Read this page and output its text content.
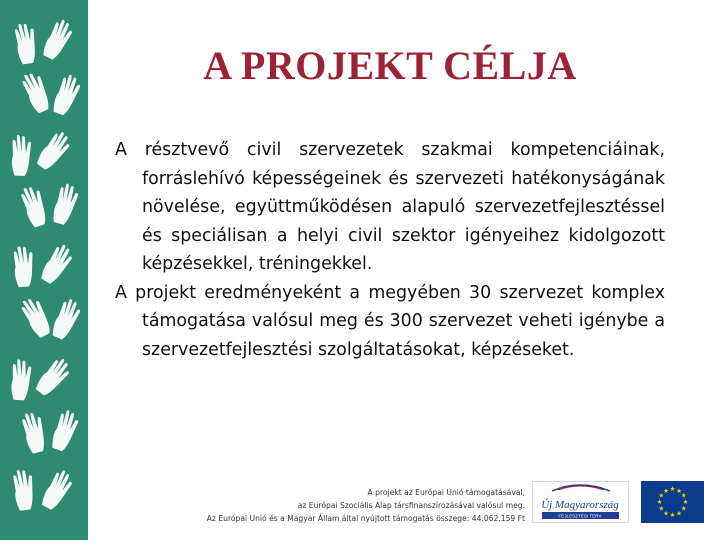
A PROJEKT CÉLJA

A résztvevő civil szervezetek szakmai kompetenciáinak, forráslehívó képességeinek és szervezeti hatékonyságának növelése, együttműködésen alapuló szervezetfejlesztéssel és speciálisan a helyi civil szektor igényeihez kidolgozott képzésekkel, tréningekkel.

A projekt eredményeként a megyében 30 szervezet komplex támogatása valósul meg és 300 szervezet veheti igénybe a szervezetfejlesztési szolgáltatásokat, képzéseket.

A projekt az Európai Unió támogatásával,
az Európai Szociális Alap társfinanszírozásával valósul meg.
Az Európai Unió és a Magyar Állam által nyújtott támogatás összege: 44.062.159 Ft
Új Magyarország
FEJLESZTÉSI TERV
★ ★
★
★
★
★
★
★
★
★
★
★
